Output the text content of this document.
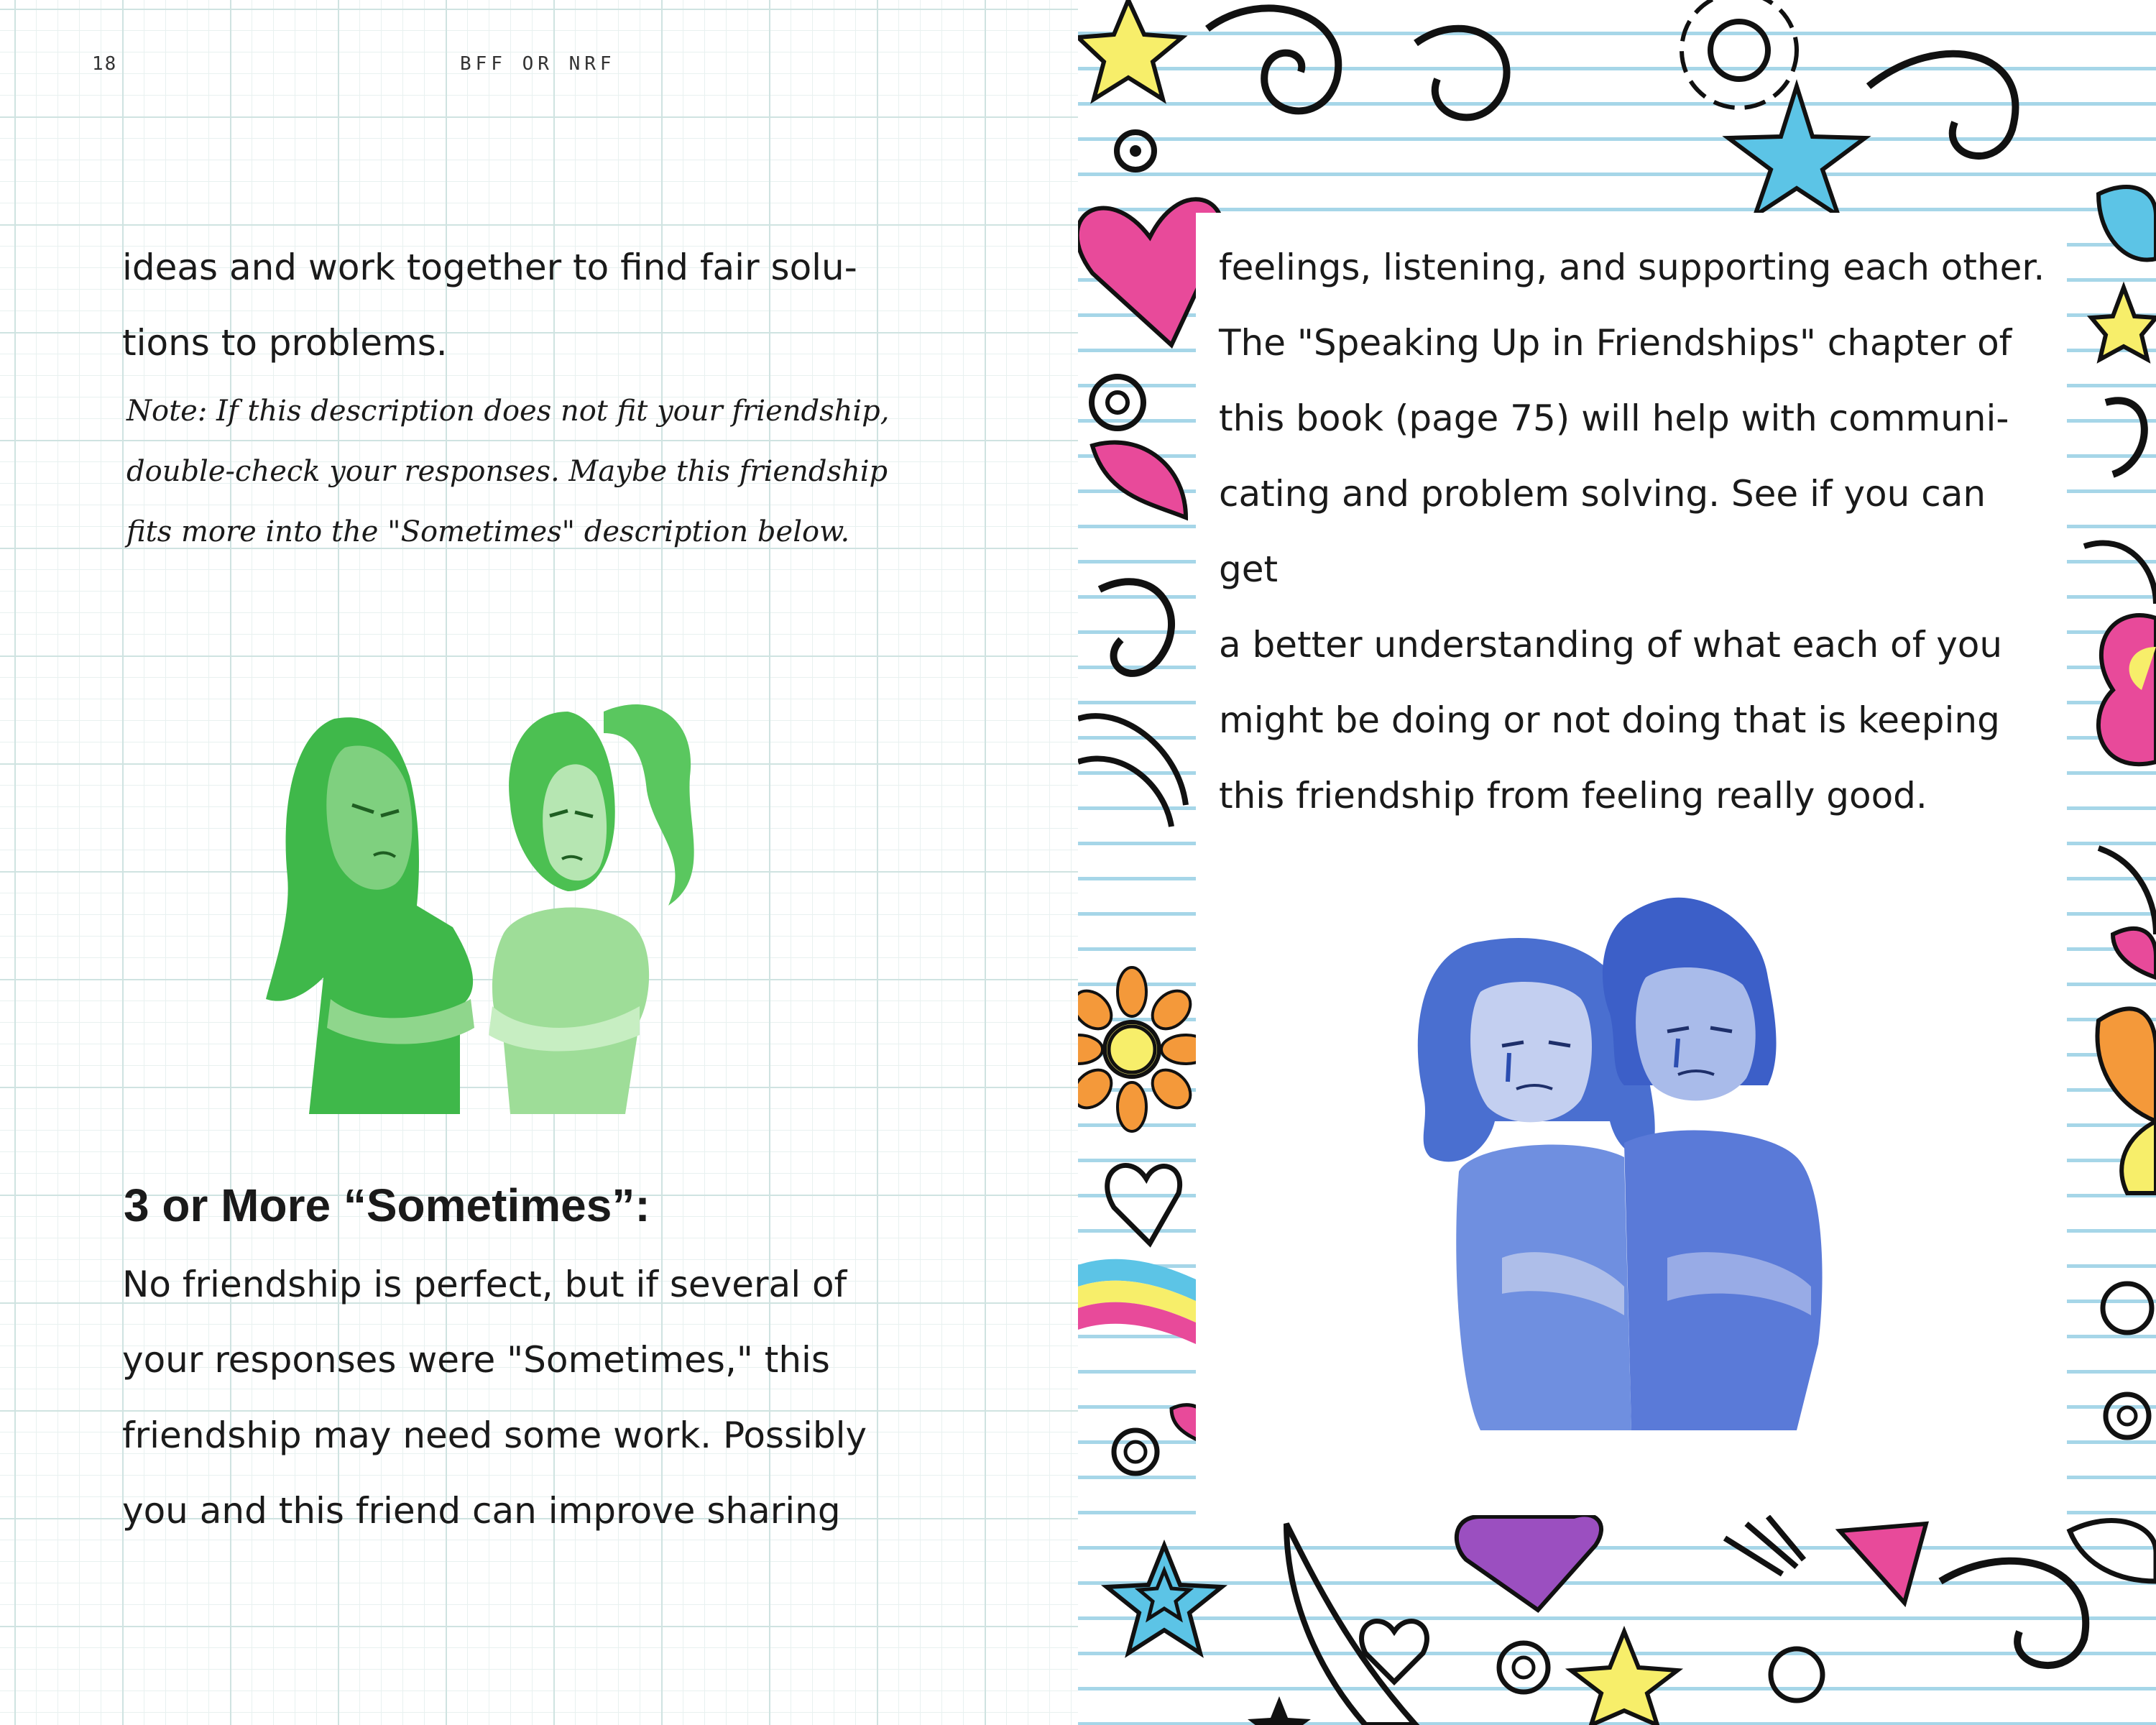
18	BFF OR NRF

ideas and work together to find fair solu-
tions to problems.

Note: If this description does not fit your friendship,
double-check your responses. Maybe this friendship
fits more into the "Sometimes" description below.

3 or More “Sometimes”:

No friendship is perfect, but if several of
your responses were "Sometimes," this
friendship may need some work. Possibly
you and this friend can improve sharing

feelings, listening, and supporting each other.
The "Speaking Up in Friendships" chapter of
this book (page 75) will help with communi-
cating and problem solving. See if you can get
a better understanding of what each of you
might be doing or not doing that is keeping
this friendship from feeling really good.
